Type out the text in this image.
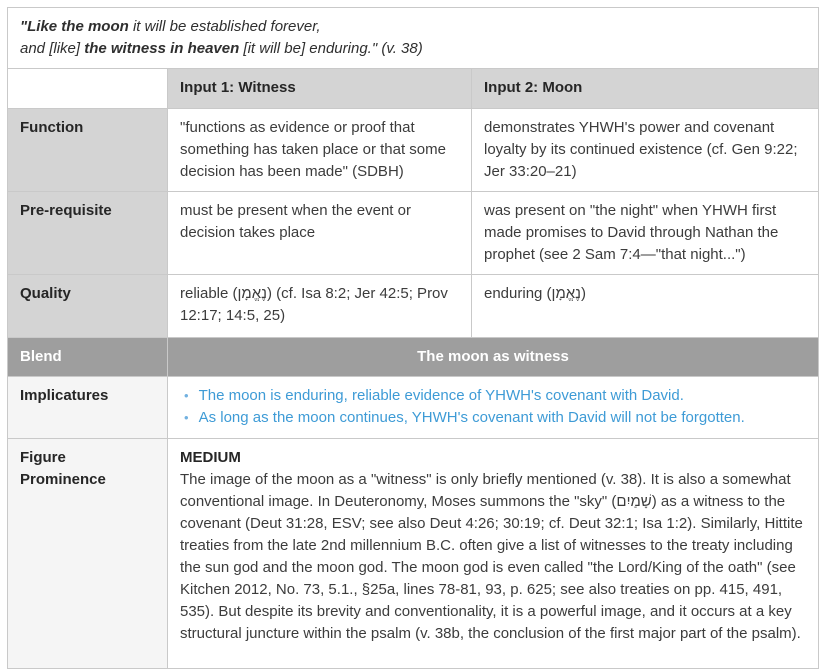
"Like the moon it will be established forever,
and [like] the witness in heaven [it will be] enduring." (v. 38)		
	Input 1: Witness	Input 2: Moon
Function	"functions as evidence or proof that something has taken place or that some decision has been made" (SDBH)	demonstrates YHWH's power and covenant loyalty by its continued existence (cf. Gen 9:22; Jer 33:20–21)
Pre-requisite	must be present when the event or decision takes place	was present on "the night" when YHWH first made promises to David through Nathan the prophet (see 2 Sam 7:4—"that night...")
Quality	reliable (נֶאֱמָן) (cf. Isa 8:2; Jer 42:5; Prov 12:17; 14:5, 25)	enduring (נֶאֱמָן)
Blend	The moon as witness	
Implicatures	• The moon is enduring, reliable evidence of YHWH's covenant with David.
• As long as the moon continues, YHWH's covenant with David will not be forgotten.	

Figure Prominence	MEDIUM
The image of the moon as a "witness" is only briefly mentioned (v. 38). It is also a somewhat conventional image. In Deuteronomy, Moses summons the "sky" (שָׁמַיִם) as a witness to the covenant (Deut 31:28, ESV; see also Deut 4:26; 30:19; cf. Deut 32:1; Isa 1:2). Similarly, Hittite treaties from the late 2nd millennium B.C. often give a list of witnesses to the treaty including the sun god and the moon god. The moon god is even called "the Lord/King of the oath" (see Kitchen 2012, No. 73, 5.1., §25a, lines 78-81, 93, p. 625; see also treaties on pp. 415, 491, 535). But despite its brevity and conventionality, it is a powerful image, and it occurs at a key structural juncture within the psalm (v. 38b, the conclusion of the first major part of the psalm).	
